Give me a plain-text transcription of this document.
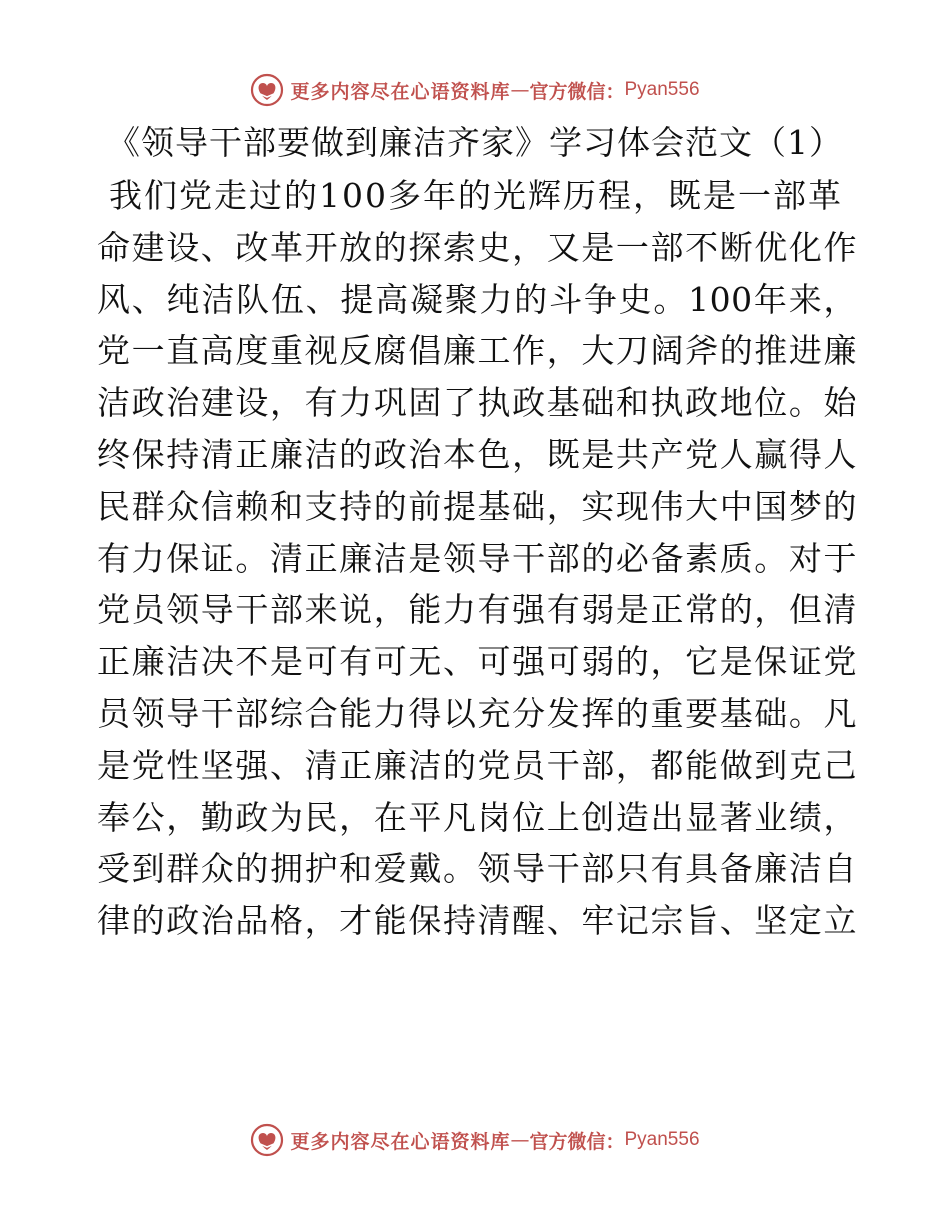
更多内容尽在心语资料库 — 官方微信： Pyan556
《领导干部要做到廉洁齐家》学习体会范文（1）
我们党走过的100多年的光辉历程，既是一部革
命建设、改革开放的探索史，又是一部不断优化作
风、纯洁队伍、提高凝聚力的斗争史。100年来，
党一直高度重视反腐倡廉工作，大刀阔斧的推进廉
洁政治建设，有力巩固了执政基础和执政地位。始
终保持清正廉洁的政治本色，既是共产党人赢得人
民群众信赖和支持的前提基础，实现伟大中国梦的
有力保证。清正廉洁是领导干部的必备素质。对于
党员领导干部来说，能力有强有弱是正常的，但清
正廉洁决不是可有可无、可强可弱的，它是保证党
员领导干部综合能力得以充分发挥的重要基础。凡
是党性坚强、清正廉洁的党员干部，都能做到克己
奉公，勤政为民，在平凡岗位上创造出显著业绩，
受到群众的拥护和爱戴。领导干部只有具备廉洁自
律的政治品格，才能保持清醒、牢记宗旨、坚定立
更多内容尽在心语资料库 — 官方微信： Pyan556
